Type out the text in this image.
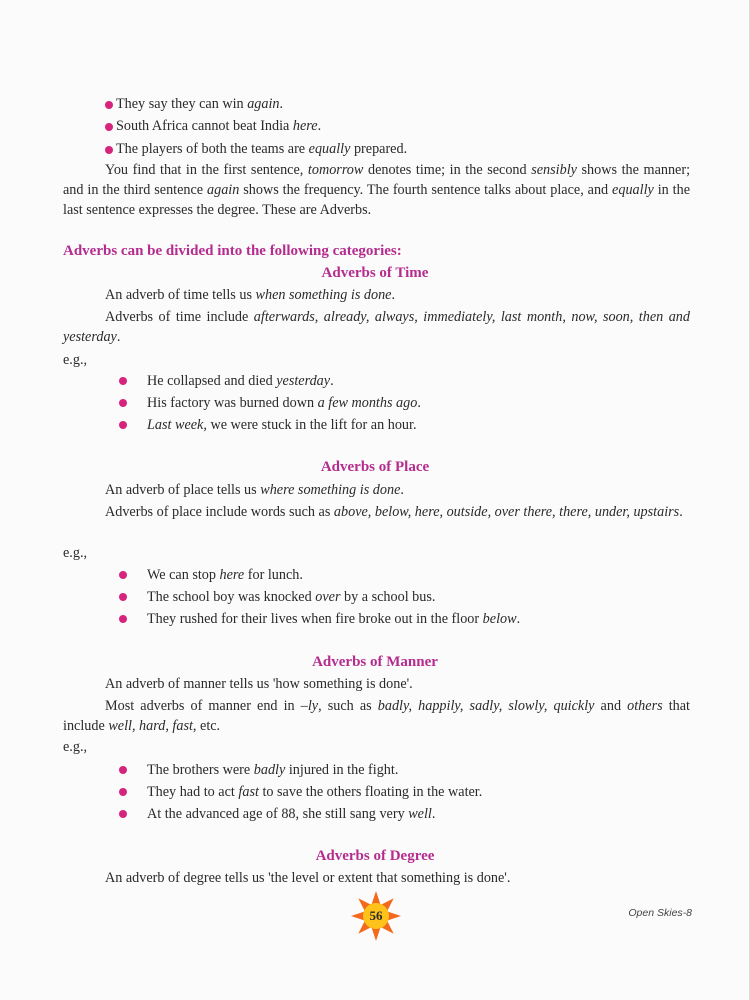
They say they can win again.
South Africa cannot beat India here.
The players of both the teams are equally prepared.

You find that in the first sentence, tomorrow denotes time; in the second sensibly shows the manner; and in the third sentence again shows the frequency. The fourth sentence talks about place, and equally in the last sentence expresses the degree. These are Adverbs.

Adverbs can be divided into the following categories:
Adverbs of Time

An adverb of time tells us when something is done.

Adverbs of time include afterwards, already, always, immediately, last month, now, soon, then and yesterday.

e.g.,
He collapsed and died yesterday.
His factory was burned down a few months ago.
Last week, we were stuck in the lift for an hour.
Adverbs of Place

An adverb of place tells us where something is done.

Adverbs of place include words such as above, below, here, outside, over there, there, under, upstairs.

e.g.,
We can stop here for lunch.
The school boy was knocked over by a school bus.
They rushed for their lives when fire broke out in the floor below.
Adverbs of Manner

An adverb of manner tells us 'how something is done'.

Most adverbs of manner end in –ly, such as badly, happily, sadly, slowly, quickly and others that include well, hard, fast, etc.

e.g.,
The brothers were badly injured in the fight.
They had to act fast to save the others floating in the water.
At the advanced age of 88, she still sang very well.
Adverbs of Degree

An adverb of degree tells us 'the level or extent that something is done'.

56	Open Skies-8
